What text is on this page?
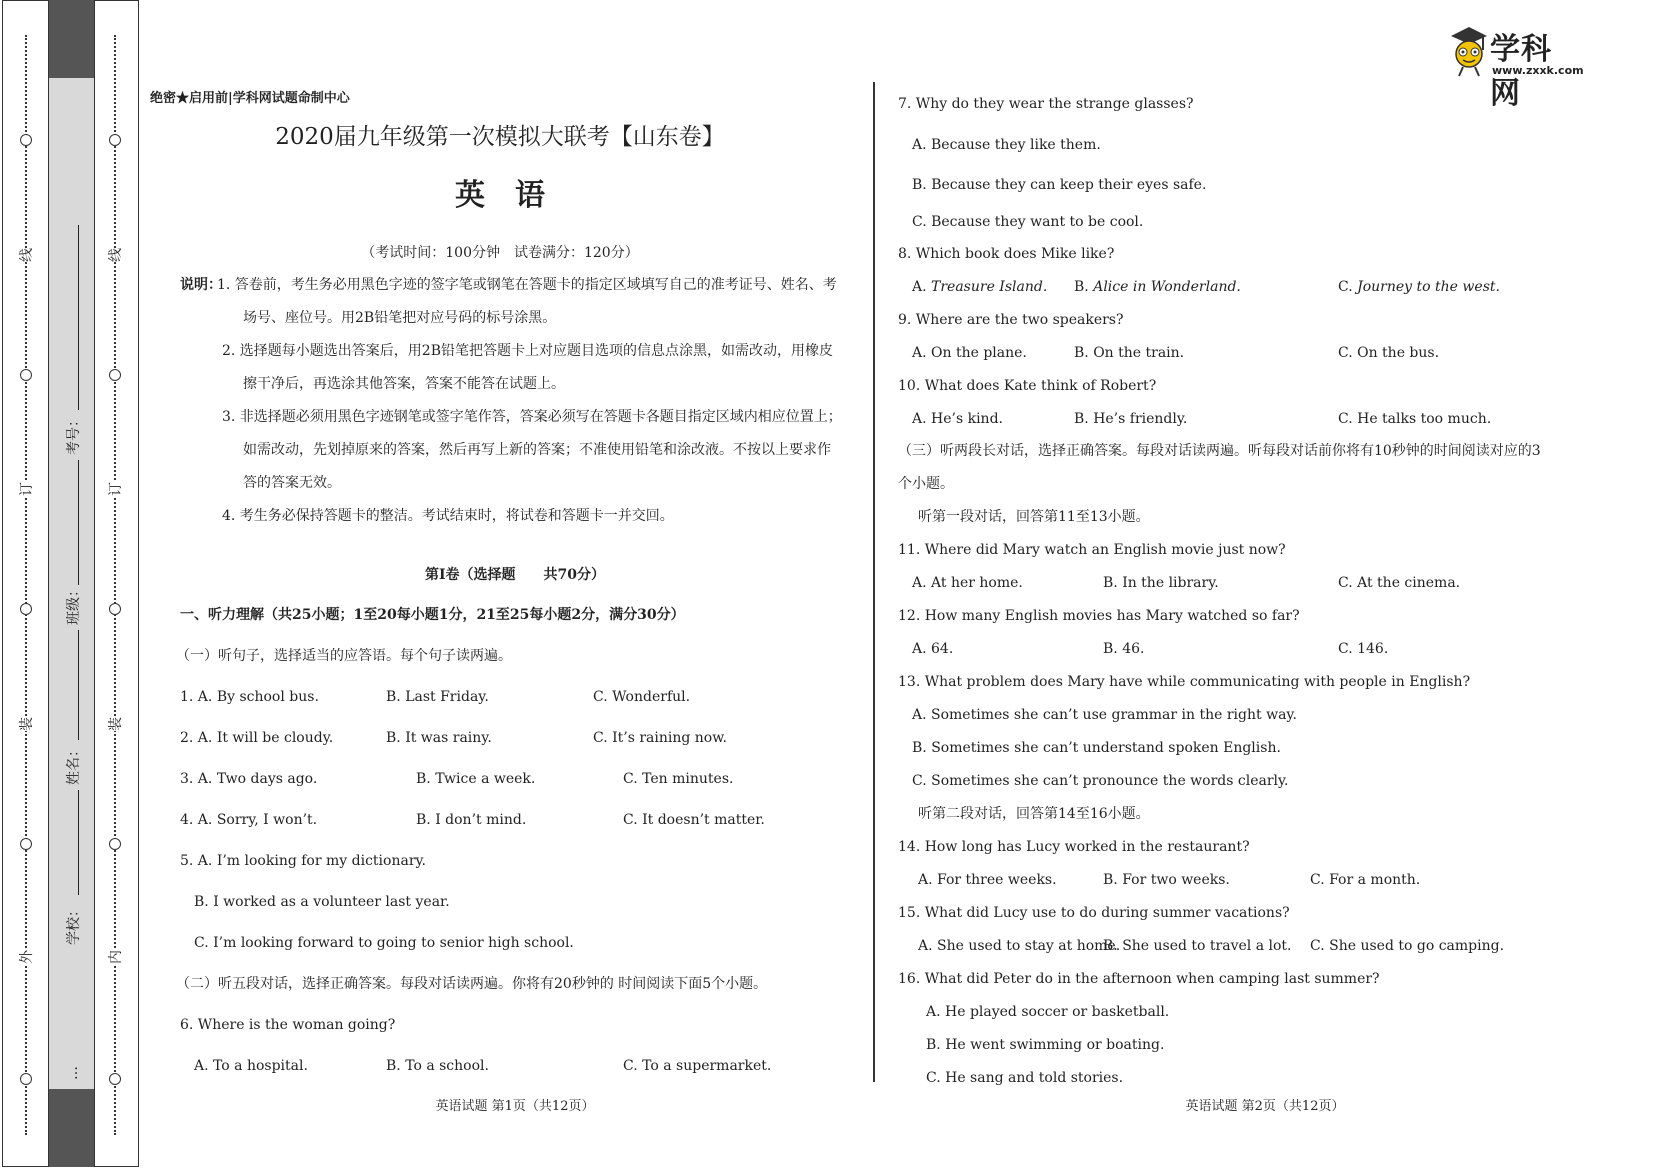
线
订
装
外
线
订
装
内
考号：
班级：
姓名：
学校：
…
学科网
www.zxxk.com
绝密★启用前|学科网试题命制中心
2020届九年级第一次模拟大联考【山东卷】
英　语
（考试时间：100分钟　试卷满分：120分）
说明：
1. 答卷前，考生务必用黑色字迹的签字笔或钢笔在答题卡的指定区域填写自己的准考证号、姓名、考
场号、座位号。用2B铅笔把对应号码的标号涂黑。
2. 选择题每小题选出答案后，用2B铅笔把答题卡上对应题目选项的信息点涂黑，如需改动，用橡皮
擦干净后，再选涂其他答案，答案不能答在试题上。
3. 非选择题必须用黑色字迹钢笔或签字笔作答，答案必须写在答题卡各题目指定区域内相应位置上；
如需改动，先划掉原来的答案，然后再写上新的答案；不准使用铅笔和涂改液。不按以上要求作
答的答案无效。
4. 考生务必保持答题卡的整洁。考试结束时，将试卷和答题卡一并交回。
第Ⅰ卷（选择题　　共70分）
一、听力理解（共25小题；1至20每小题1分，21至25每小题2分，满分30分）
（一）听句子，选择适当的应答语。每个句子读两遍。
1. A. By school bus.	B. Last Friday.	C. Wonderful.
2. A. It will be cloudy.	B. It was rainy.	C. It’s raining now.
3. A. Two days ago.	B. Twice a week.	C. Ten minutes.
4. A. Sorry, I won’t.	B. I don’t mind.	C. It doesn’t matter.
5. A. I’m looking for my dictionary.
B. I worked as a volunteer last year.
C. I’m looking forward to going to senior high school.
（二）听五段对话，选择正确答案。每段对话读两遍。你将有20秒钟的 时间阅读下面5个小题。
6. Where is the woman going?
A. To a hospital.	B. To a school.	C. To a supermarket.
英语试题 第1页（共12页）
7. Why do they wear the strange glasses?
A. Because they like them.
B. Because they can keep their eyes safe.
C. Because they want to be cool.
8. Which book does Mike like?
A. Treasure Island. B. Alice in Wonderland.	C. Journey to the west.
9. Where are the two speakers?
A. On the plane.	B. On the train.	C. On the bus.
10. What does Kate think of Robert?
A. He’s kind.	B. He’s friendly.	C. He talks too much.
（三）听两段长对话，选择正确答案。每段对话读两遍。听每段对话前你将有10秒钟的时间阅读对应的3
个小题。
听第一段对话，回答第11至13小题。
11. Where did Mary watch an English movie just now?
A. At her home.	B. In the library.	C. At the cinema.
12. How many English movies has Mary watched so far?
A. 64.	B. 46.	C. 146.
13. What problem does Mary have while communicating with people in English?
A. Sometimes she can’t use grammar in the right way.
B. Sometimes she can’t understand spoken English.
C. Sometimes she can’t pronounce the words clearly.
听第二段对话，回答第14至16小题。
14. How long has Lucy worked in the restaurant?
A. For three weeks.	B. For two weeks.	C. For a month.
15. What did Lucy use to do during summer vacations?
A. She used to stay at home.
B. She used to travel a lot. C. She used to go camping.
16. What did Peter do in the afternoon when camping last summer?
A. He played soccer or basketball.
B. He went swimming or boating.
C. He sang and told stories.
英语试题 第2页（共12页）
